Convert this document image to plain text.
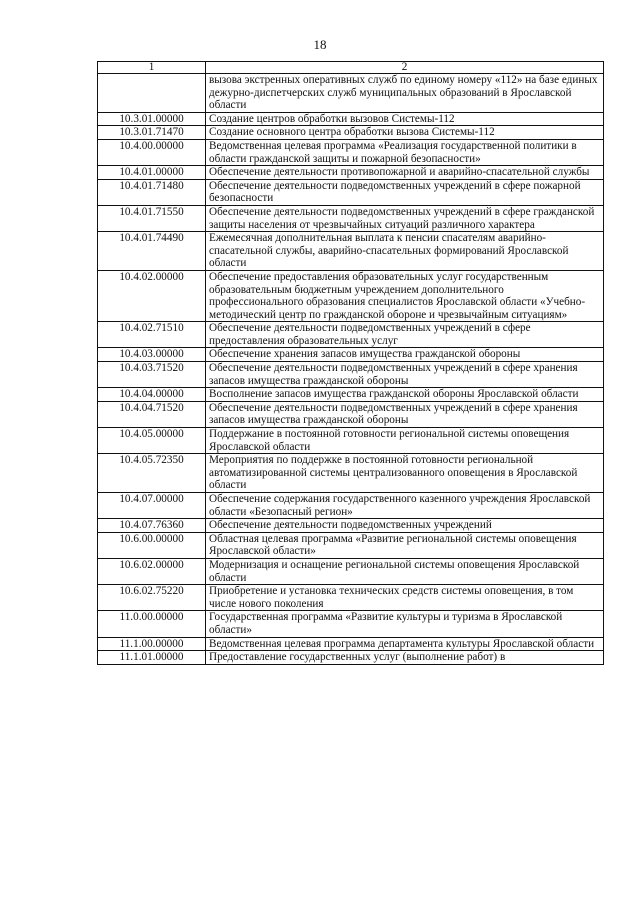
18
1	2
	вызова экстренных оперативных служб по единому номеру «112» на базе единых дежурно-диспетчерских служб муниципальных образований в Ярославской области
10.3.01.00000	Создание центров обработки вызовов Системы-112
10.3.01.71470	Создание основного центра обработки вызова Системы-112
10.4.00.00000	Ведомственная целевая программа «Реализация государственной политики в области гражданской защиты и пожарной безопасности»
10.4.01.00000	Обеспечение деятельности противопожарной и аварийно-спасательной службы
10.4.01.71480	Обеспечение деятельности подведомственных учреждений в сфере пожарной безопасности
10.4.01.71550	Обеспечение деятельности подведомственных учреждений в сфере гражданской защиты населения от чрезвычайных ситуаций различного характера
10.4.01.74490	Ежемесячная дополнительная выплата к пенсии спасателям аварийно-спасательной службы, аварийно-спасательных формирований Ярославской области
10.4.02.00000	Обеспечение предоставления образовательных услуг государственным образовательным бюджетным учреждением дополнительного профессионального образования специалистов Ярославской области «Учебно-методический центр по гражданской обороне и чрезвычайным ситуациям»
10.4.02.71510	Обеспечение деятельности подведомственных учреждений в сфере предоставления образовательных услуг
10.4.03.00000	Обеспечение хранения запасов имущества гражданской обороны
10.4.03.71520	Обеспечение деятельности подведомственных учреждений в сфере хранения запасов имущества гражданской обороны
10.4.04.00000	Восполнение запасов имущества гражданской обороны Ярославской области
10.4.04.71520	Обеспечение деятельности подведомственных учреждений в сфере хранения запасов имущества гражданской обороны
10.4.05.00000	Поддержание в постоянной готовности региональной системы оповещения Ярославской области
10.4.05.72350	Мероприятия по поддержке в постоянной готовности региональной автоматизированной системы централизованного оповещения в Ярославской области
10.4.07.00000	Обеспечение содержания государственного казенного учреждения Ярославской области «Безопасный регион»
10.4.07.76360	Обеспечение деятельности подведомственных учреждений
10.6.00.00000	Областная целевая программа «Развитие региональной системы оповещения Ярославской области»
10.6.02.00000	Модернизация и оснащение региональной системы оповещения Ярославской области
10.6.02.75220	Приобретение и установка технических средств системы оповещения, в том числе нового поколения
11.0.00.00000	Государственная программа «Развитие культуры и туризма в Ярославской области»
11.1.00.00000	Ведомственная целевая программа департамента культуры Ярославской области
11.1.01.00000	Предоставление государственных услуг (выполнение работ) в
